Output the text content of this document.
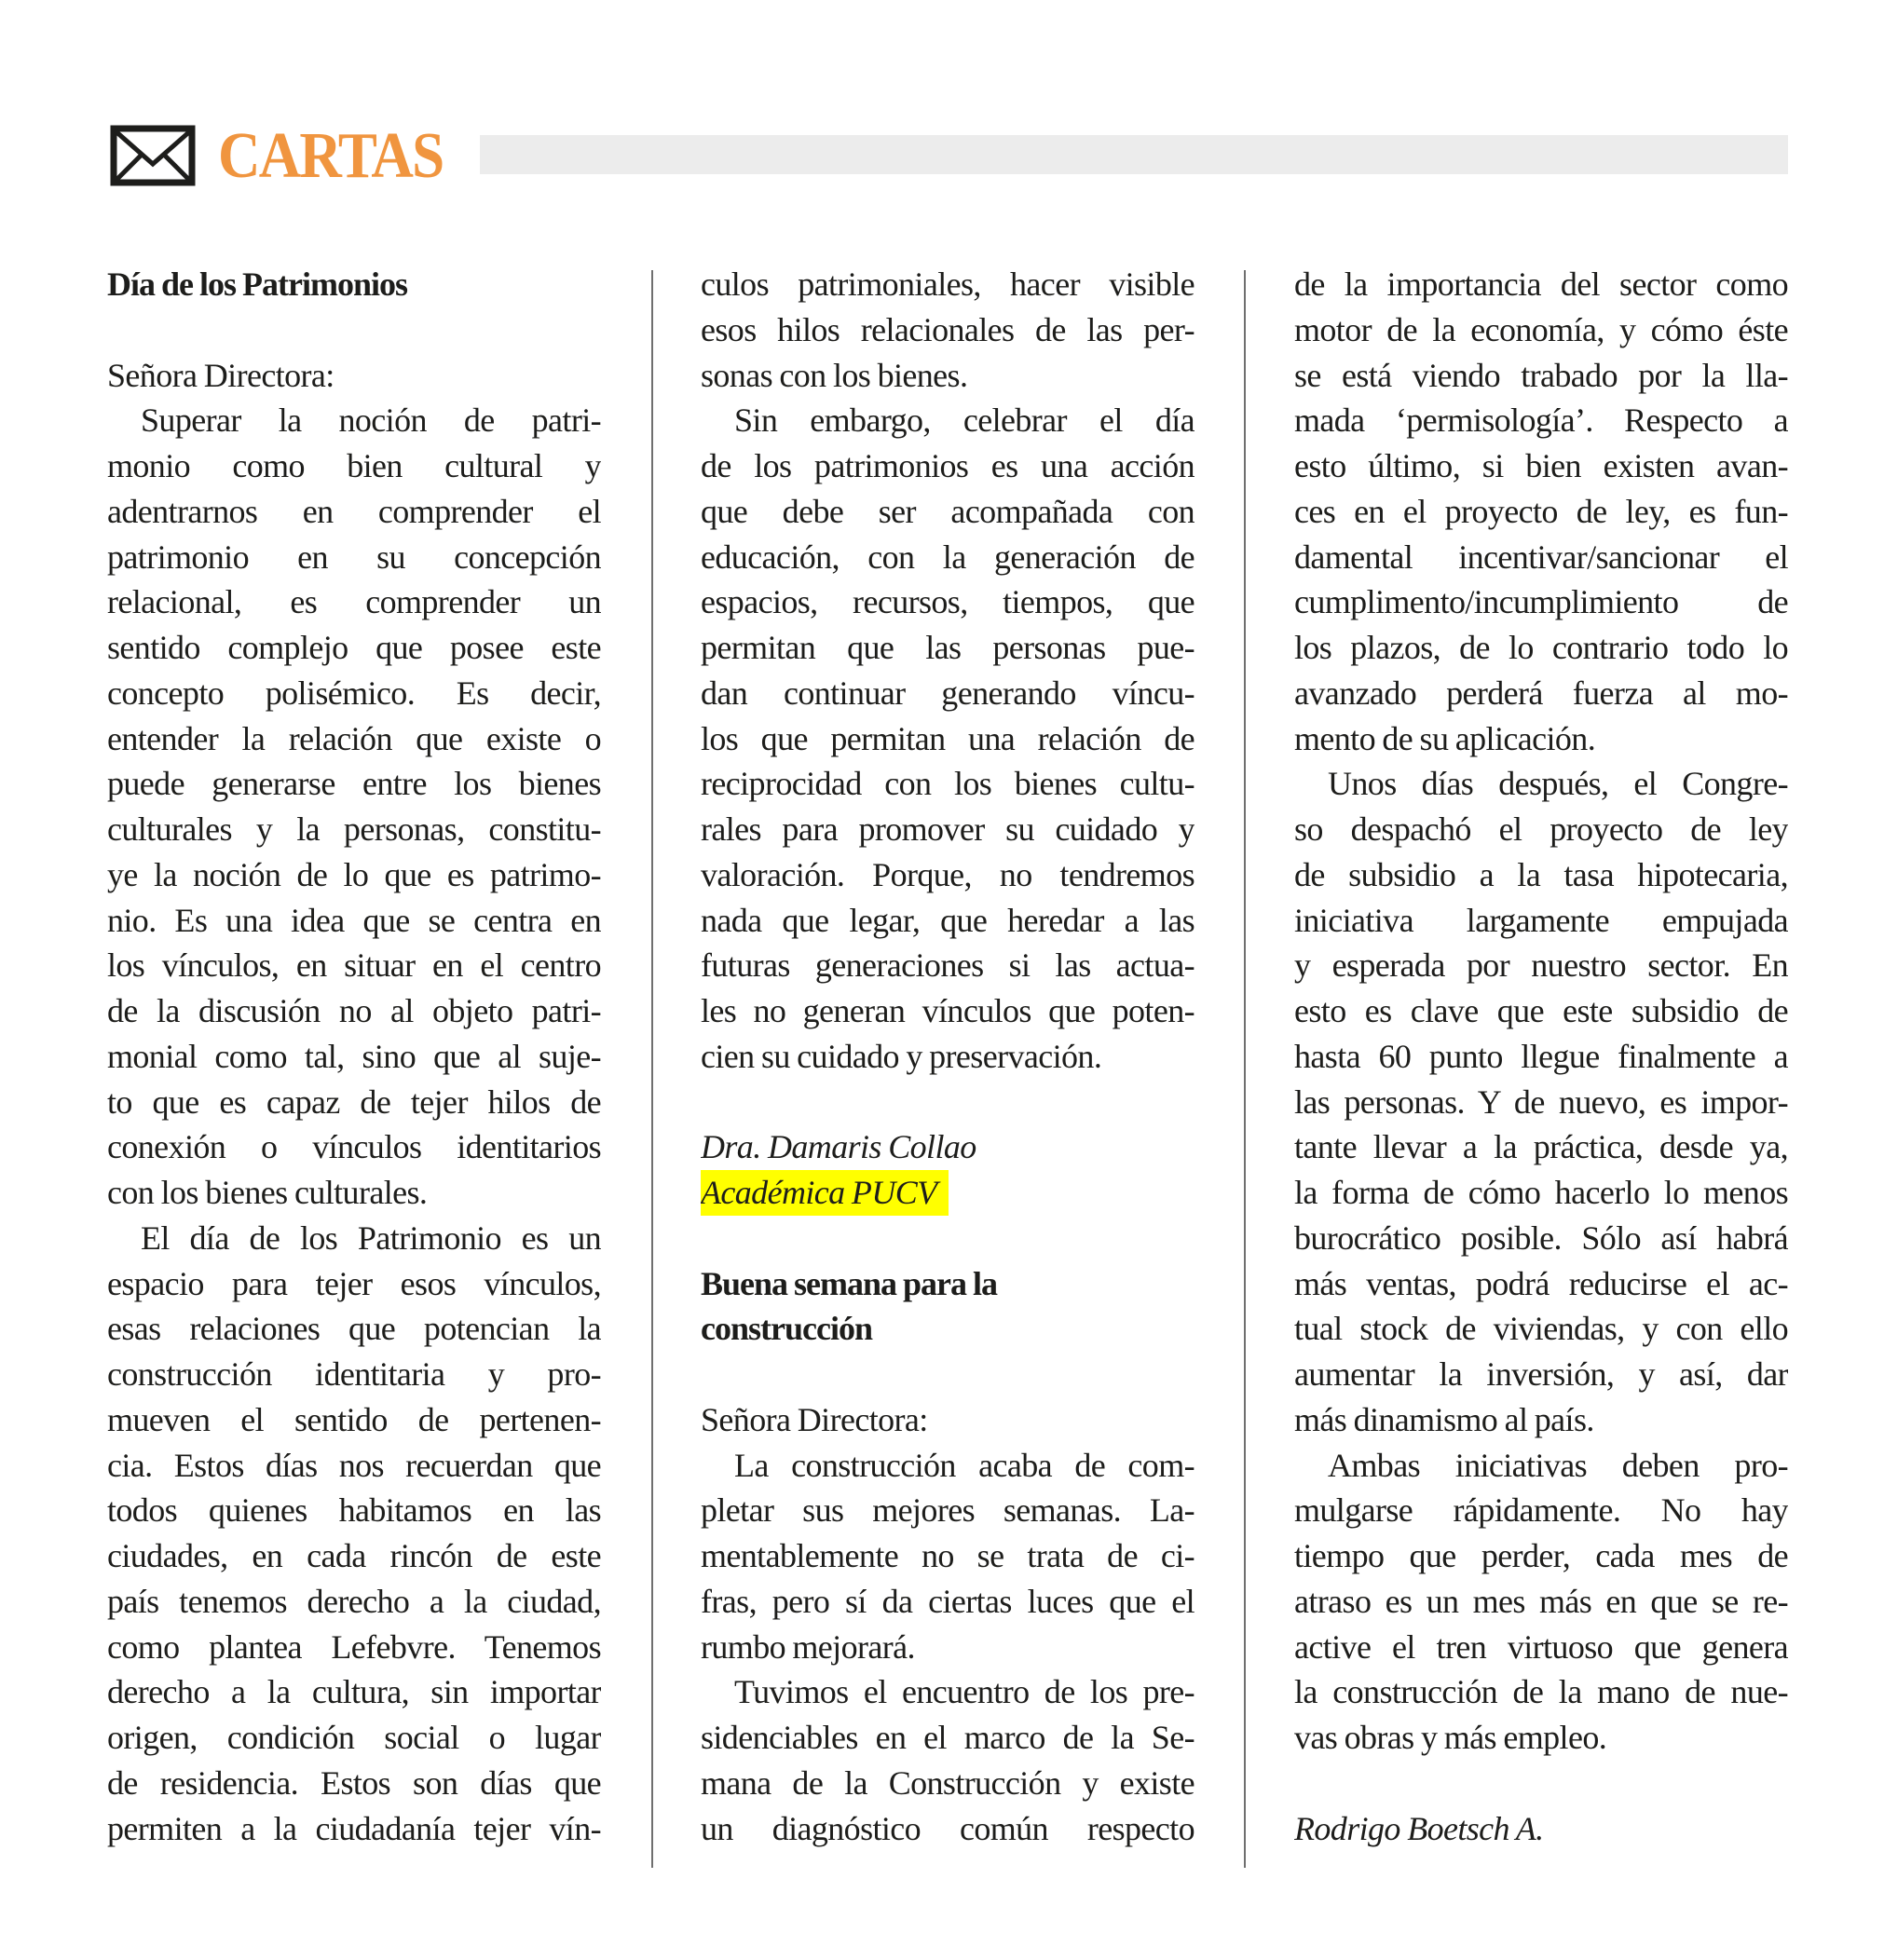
CARTAS
Día de los Patrimonios
Señora Directora:
Superar la noción de patri-
monio como bien cultural y
adentrarnos en comprender el
patrimonio en su concepción
relacional, es comprender un
sentido complejo que posee este
concepto polisémico. Es decir,
entender la relación que existe o
puede generarse entre los bienes
culturales y la personas, constitu-
ye la noción de lo que es patrimo-
nio. Es una idea que se centra en
los vínculos, en situar en el centro
de la discusión no al objeto patri-
monial como tal, sino que al suje-
to que es capaz de tejer hilos de
conexión o vínculos identitarios
con los bienes culturales.
El día de los Patrimonio es un
espacio para tejer esos vínculos,
esas relaciones que potencian la
construcción identitaria y pro-
mueven el sentido de pertenen-
cia. Estos días nos recuerdan que
todos quienes habitamos en las
ciudades, en cada rincón de este
país tenemos derecho a la ciudad,
como plantea Lefebvre. Tenemos
derecho a la cultura, sin importar
origen, condición social o lugar
de residencia. Estos son días que
permiten a la ciudadanía tejer vín-
culos patrimoniales, hacer visible
esos hilos relacionales de las per-
sonas con los bienes.
Sin embargo, celebrar el día
de los patrimonios es una acción
que debe ser acompañada con
educación, con la generación de
espacios, recursos, tiempos, que
permitan que las personas pue-
dan continuar generando víncu-
los que permitan una relación de
reciprocidad con los bienes cultu-
rales para promover su cuidado y
valoración. Porque, no tendremos
nada que legar, que heredar a las
futuras generaciones si las actua-
les no generan vínculos que poten-
cien su cuidado y preservación.
Dra. Damaris Collao
Académica PUCV
Buena semana para la
construcción
Señora Directora:
La construcción acaba de com-
pletar sus mejores semanas. La-
mentablemente no se trata de ci-
fras, pero sí da ciertas luces que el
rumbo mejorará.
Tuvimos el encuentro de los pre-
sidenciables en el marco de la Se-
mana de la Construcción y existe
un diagnóstico común respecto
de la importancia del sector como
motor de la economía, y cómo éste
se está viendo trabado por la lla-
mada ‘permisología’. Respecto a
esto último, si bien existen avan-
ces en el proyecto de ley, es fun-
damental incentivar/sancionar el
cumplimento/incumplimiento de
los plazos, de lo contrario todo lo
avanzado perderá fuerza al mo-
mento de su aplicación.
Unos días después, el Congre-
so despachó el proyecto de ley
de subsidio a la tasa hipotecaria,
iniciativa largamente empujada
y esperada por nuestro sector. En
esto es clave que este subsidio de
hasta 60 punto llegue finalmente a
las personas. Y de nuevo, es impor-
tante llevar a la práctica, desde ya,
la forma de cómo hacerlo lo menos
burocrático posible. Sólo así habrá
más ventas, podrá reducirse el ac-
tual stock de viviendas, y con ello
aumentar la inversión, y así, dar
más dinamismo al país.
Ambas iniciativas deben pro-
mulgarse rápidamente. No hay
tiempo que perder, cada mes de
atraso es un mes más en que se re-
active el tren virtuoso que genera
la construcción de la mano de nue-
vas obras y más empleo.
Rodrigo Boetsch A.
